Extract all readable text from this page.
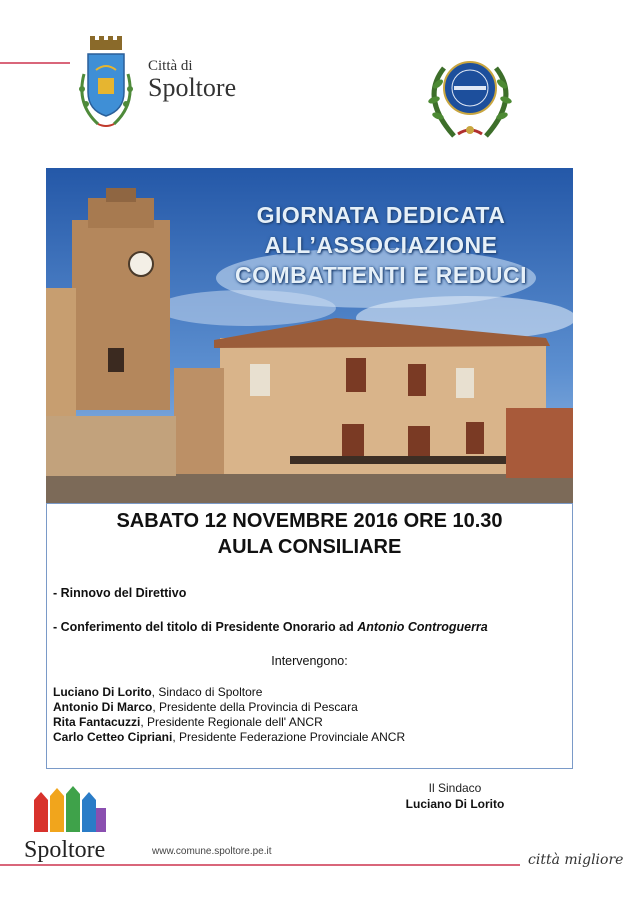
Città di
Spoltore
GIORNATA DEDICATA
ALL’ASSOCIAZIONE
COMBATTENTI E REDUCI
SABATO 12 NOVEMBRE 2016 ORE 10.30
AULA CONSILIARE
- Rinnovo del Direttivo
- Conferimento del titolo di Presidente Onorario ad Antonio Controguerra
Intervengono:
Luciano Di Lorito, Sindaco di Spoltore
Antonio Di Marco, Presidente della Provincia di Pescara
Rita Fantacuzzi, Presidente Regionale dell' ANCR
Carlo Cetteo Cipriani, Presidente Federazione Provinciale ANCR
Il Sindaco
Luciano Di Lorito
Spoltore	www.comune.spoltore.pe.it
città migliore
